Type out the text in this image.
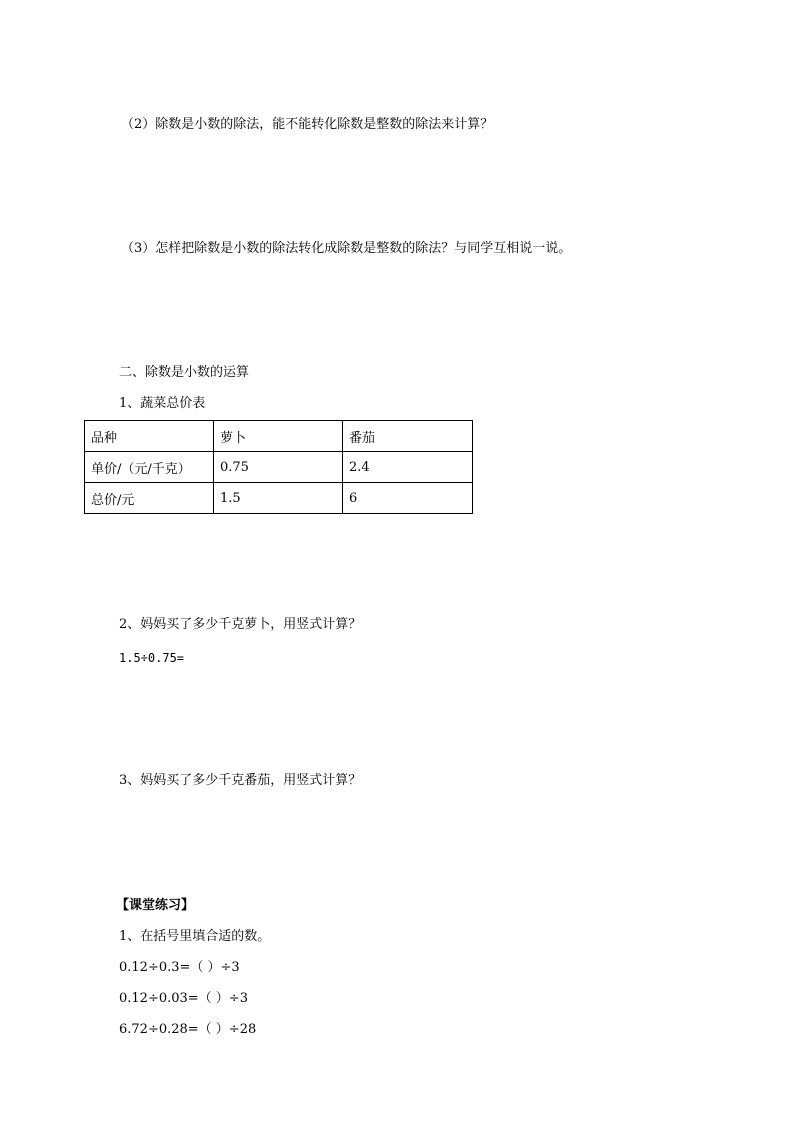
（2）除数是小数的除法，能不能转化除数是整数的除法来计算？
（3）怎样把除数是小数的除法转化成除数是整数的除法？与同学互相说一说。
二、除数是小数的运算
1、蔬菜总价表
品种	萝卜	番茄
单价/（元/千克）	0.75	2.4
总价/元	1.5	6
2、妈妈买了多少千克萝卜，用竖式计算？
1.5÷0.75=
3、妈妈买了多少千克番茄，用竖式计算？
【课堂练习】
1、在括号里填合适的数。
0.12÷0.3=（ ）÷3
0.12÷0.03=（ ）÷3
6.72÷0.28=（ ）÷28
